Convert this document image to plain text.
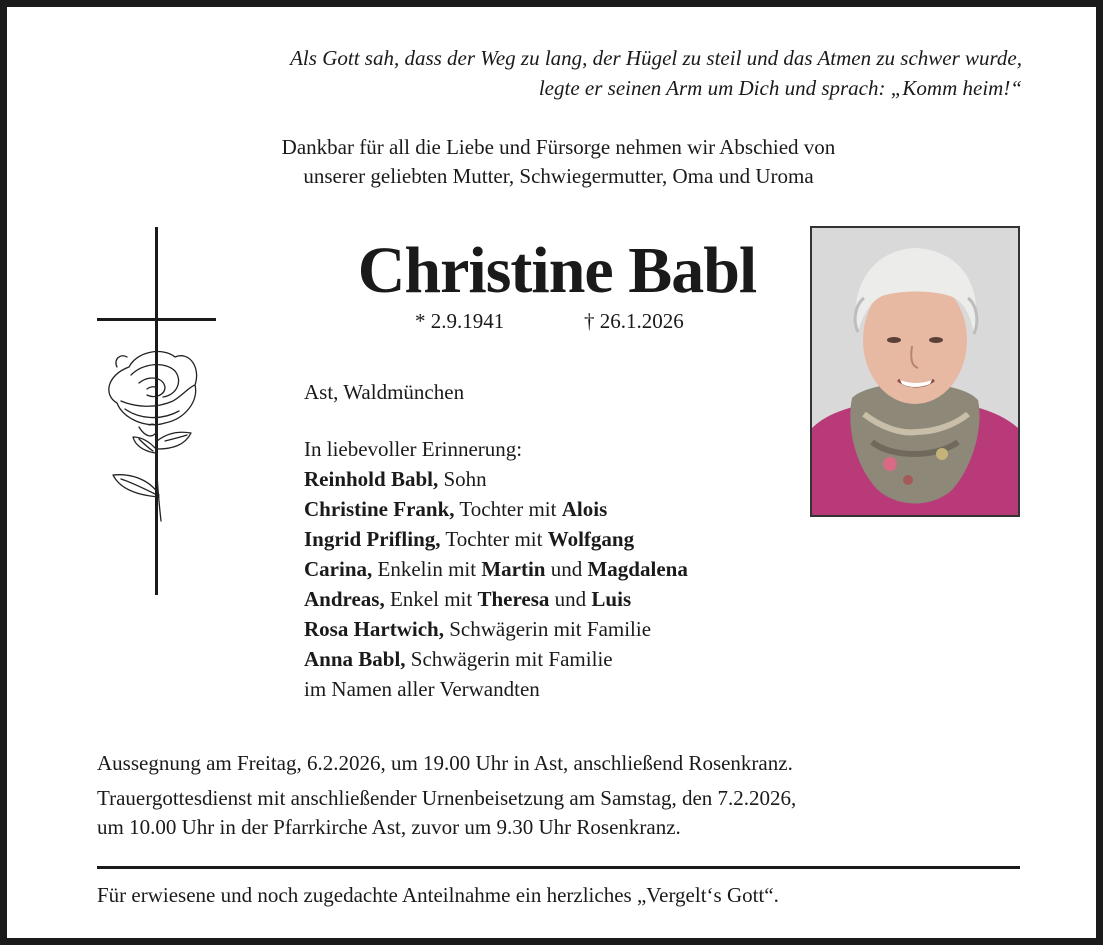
Als Gott sah, dass der Weg zu lang, der Hügel zu steil und das Atmen zu schwer wurde,
legte er seinen Arm um Dich und sprach: „Komm heim!“
Dankbar für all die Liebe und Fürsorge nehmen wir Abschied von
unserer geliebten Mutter, Schwiegermutter, Oma und Uroma
Christine Babl
* 2.9.1941	† 26.1.2026
Ast, Waldmünchen
In liebevoller Erinnerung:
Reinhold Babl, Sohn
Christine Frank, Tochter mit Alois
Ingrid Prifling, Tochter mit Wolfgang
Carina, Enkelin mit Martin und Magdalena
Andreas, Enkel mit Theresa und Luis
Rosa Hartwich, Schwägerin mit Familie
Anna Babl, Schwägerin mit Familie
im Namen aller Verwandten

Aussegnung am Freitag, 6.2.2026, um 19.00 Uhr in Ast, anschließend Rosenkranz.

Trauergottesdienst mit anschließender Urnenbeisetzung am Samstag, den 7.2.2026,
um 10.00 Uhr in der Pfarrkirche Ast, zuvor um 9.30 Uhr Rosenkranz.

Für erwiesene und noch zugedachte Anteilnahme ein herzliches „Vergelt‘s Gott“.
